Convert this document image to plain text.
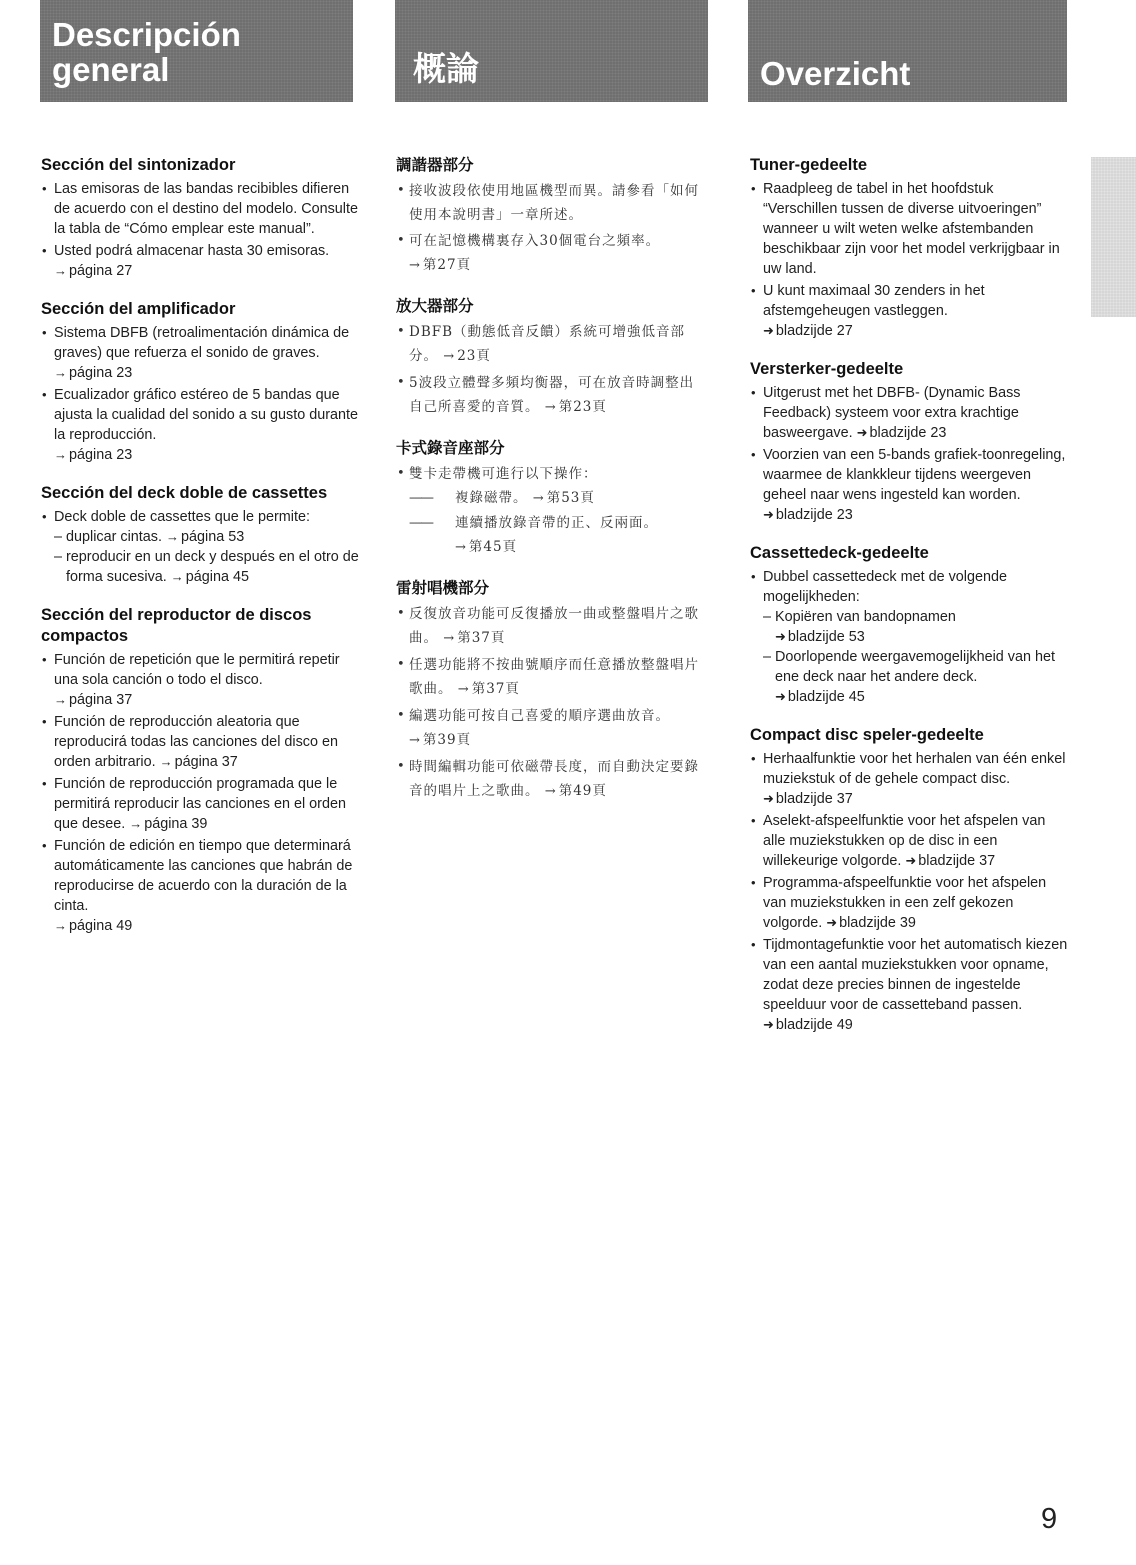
Descripción
general	概論	Overzicht
Sección del sintonizador
• Las emisoras de las bandas recibibles difieren de acuerdo con el destino del modelo. Consulte la tabla de “Cómo emplear este manual”.
• Usted podrá almacenar hasta 30 emisoras. → página 27
Sección del amplificador
• Sistema DBFB (retroalimentación dinámica de graves) que refuerza el sonido de graves. → página 23
• Ecualizador gráfico estéreo de 5 bandas que ajusta la cualidad del sonido a su gusto durante la reproducción.
→ página 23
Sección del deck doble de cassettes
• Deck doble de cassettes que le permite:
– duplicar cintas. → página 53
– reproducir en un deck y después en el otro de forma sucesiva. → página 45
Sección del reproductor de discos compactos
• Función de repetición que le permitirá repetir una sola canción o todo el disco.
→ página 37
• Función de reproducción aleatoria que reproducirá todas las canciones del disco en orden arbitrario. → página 37
• Función de reproducción programada que le permitirá reproducir las canciones en el orden que desee. → página 39
• Función de edición en tiempo que determinará automáticamente las canciones que habrán de reproducirse de acuerdo con la duración de la cinta.
→ página 49
調諧器部分
• 接收波段依使用地區機型而異。請參看「如何使用本說明書」一章所述。
• 可在記憶機構裏存入30個電台之頻率。
→ 第27頁
放大器部分
• DBFB（動態低音反饋）系統可增強低音部分。 → 23頁
• 5波段立體聲多頻均衡器，可在放音時調整出自己所喜愛的音質。 → 第23頁
卡式錄音座部分
• 雙卡走帶機可進行以下操作：
—— 複錄磁帶。 → 第53頁
—— 連續播放錄音帶的正、反兩面。
→ 第45頁
雷射唱機部分
• 反復放音功能可反復播放一曲或整盤唱片之歌曲。 → 第37頁
• 任選功能將不按曲號順序而任意播放整盤唱片歌曲。 → 第37頁
• 編選功能可按自己喜愛的順序選曲放音。
→ 第39頁
• 時間編輯功能可依磁帶長度，而自動決定要錄音的唱片上之歌曲。 → 第49頁
Tuner-gedeelte
• Raadpleeg de tabel in het hoofdstuk “Verschillen tussen de diverse uitvoeringen” wanneer u wilt weten welke afstembanden beschikbaar zijn voor het model verkrijgbaar in uw land.
• U kunt maximaal 30 zenders in het afstemgeheugen vastleggen.
➜ bladzijde 27
Versterker-gedeelte
• Uitgerust met het DBFB- (Dynamic Bass Feedback) systeem voor extra krachtige basweergave. ➜ bladzijde 23
• Voorzien van een 5-bands grafiek-toonregeling, waarmee de klankkleur tijdens weergeven geheel naar wens ingesteld kan worden. ➜ bladzijde 23
Cassettedeck-gedeelte
• Dubbel cassettedeck met de volgende mogelijkheden:
– Kopiëren van bandopnamen
➜ bladzijde 53
– Doorlopende weergavemogelijkheid van het ene deck naar het andere deck.
➜ bladzijde 45
Compact disc speler-gedeelte
• Herhaalfunktie voor het herhalen van één enkel muziekstuk of de gehele compact disc. ➜ bladzijde 37
• Aselekt-afspeelfunktie voor het afspelen van alle muziekstukken op de disc in een willekeurige volgorde. ➜ bladzijde 37
• Programma-afspeelfunktie voor het afspelen van muziekstukken in een zelf gekozen volgorde. ➜ bladzijde 39
• Tijdmontagefunktie voor het automatisch kiezen van een aantal muziekstukken voor opname, zodat deze precies binnen de ingestelde speelduur voor de cassetteband passen. ➜ bladzijde 49
9
